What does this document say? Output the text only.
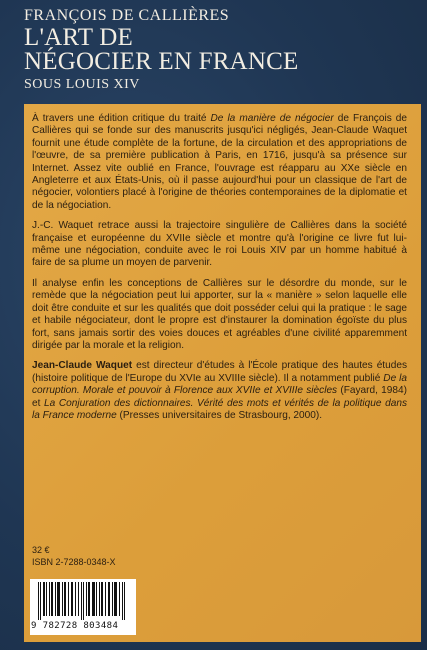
FRANÇOIS DE CALLIÈRES

L'ART DE

NÉGOCIER EN FRANCE

SOUS LOUIS XIV

À travers une édition critique du traité De la manière de négocier de François de Callières qui se fonde sur des manuscrits jusqu'ici négligés, Jean-Claude Waquet fournit une étude complète de la fortune, de la circulation et des appropriations de l'œuvre, de sa première publication à Paris, en 1716, jusqu'à sa présence sur Internet. Assez vite oublié en France, l'ouvrage est réapparu au XXe siècle en Angleterre et aux États-Unis, où il passe aujourd'hui pour un classique de l'art de négocier, volontiers placé à l'origine de théories contemporaines de la diplomatie et de la négociation.

J.-C. Waquet retrace aussi la trajectoire singulière de Callières dans la société française et européenne du XVIIe siècle et montre qu'à l'origine ce livre fut lui-même une négociation, conduite avec le roi Louis XIV par un homme habitué à faire de sa plume un moyen de parvenir.

Il analyse enfin les conceptions de Callières sur le désordre du monde, sur le remède que la négociation peut lui apporter, sur la « manière » selon laquelle elle doit être conduite et sur les qualités que doit posséder celui qui la pratique : le sage et habile négociateur, dont le propre est d'instaurer la domination égoïste du plus fort, sans jamais sortir des voies douces et agréables d'une civilité apparemment dirigée par la morale et la religion.

Jean-Claude Waquet est directeur d'études à l'École pratique des hautes études (histoire politique de l'Europe du XVIe au XVIIIe siècle). Il a notamment publié De la corruption. Morale et pouvoir à Florence aux XVIIe et XVIIIe siècles (Fayard, 1984) et La Conjuration des dictionnaires. Vérité des mots et vérités de la politique dans la France moderne (Presses universitaires de Strasbourg, 2000).

32 €
ISBN 2-7288-0348-X
9 782728 803484
